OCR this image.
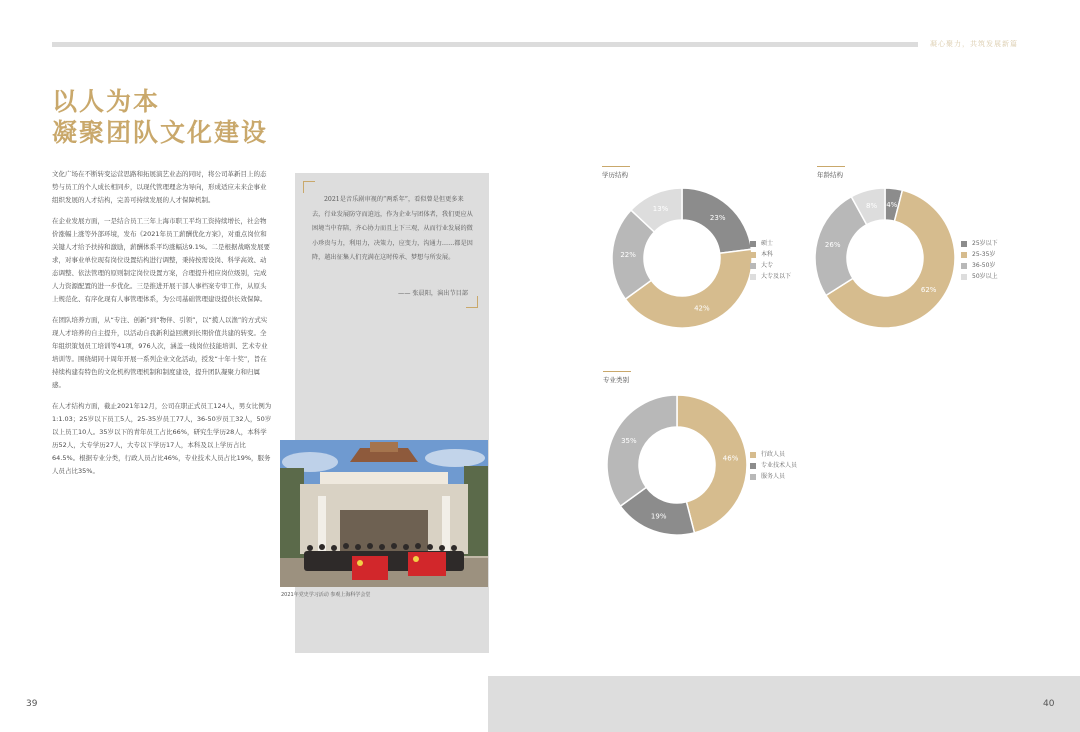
凝心聚力，共筑发展新篇
以人为本
凝聚团队文化建设

文化广场在不断转变运营思路和拓展演艺业态的同时，将公司革新目上的态势与员工的个人成长相同步，以现代管理理念为导向，形成适应未来企事业组织发展的人才结构，完善可持续发展的人才保障机制。

在企业发展方面，一是结合员工三年上海市职工平均工资持续增长，社会物价涨幅上涨等外部环境，发布《2021年员工薪酬优化方案》，对重点岗位和关键人才给予扶持和激励，薪酬体系平均涨幅达9.1%。二是根据战略发展要求，对事业单位现有岗位设置结构进行调整，秉持按需设岗、科学高效、动态调整、依法管理的原则制定岗位设置方案，合理提升相应岗位级别，完成人力资源配置的进一步优化。三是推进开展干部人事档案专审工作，从原头上规范化、有序化现有人事管理体系，为公司基础管理建设提供长效保障。

在团队培养方面，从“专注、创新”到“物伴、引领”，以“揽人以渔”的方式实现人才培养的自主提升，以活动自我新利益回溯到长期价值共建的转变。全年组织策划员工培训等41项，976人次，涵盖一线岗位技能培训、艺术专业培训等。围绕胡同十周年开展一系列企业文化活动，授发“十年十奖”，旨在持续构建有特色的文化机构管理机制和制度建设，提升团队凝聚力和归属感。

在人才结构方面，截止2021年12月，公司在职正式员工124人，男女比例为1:1.03；25岁以下员工5人，25-35岁员工77人，36-50岁员工32人，50岁以上员工10人。35岁以下的青年员工占比66%，研究生学历28人，本科学历52人，大专学历27人，大专以下学历17人，本科及以上学历占比64.5%。根据专业分类，行政人员占比46%，专业技术人员占比19%，服务人员占比35%。

2021是音乐剧审视的“两系年”，看似曾是但更多来去，行业发展防守而迫远，作为企业与团体者，我们更应从困境当中存陪，齐心协力而且上下三观，从而行业发展的微小珍贵与力，利用力，决策力，应变力，沟通力……都是因降，越出征集人们充满在这时传承、梦想与所发展。
—— 张晨阳，演出节目部
2021年党史学习活动 参观上海科学会堂
学历结构
23%
42%
22%
13%
硕士
本科
大专
大专及以下
年龄结构
4%
62%
26%
8%
25岁以下
25-35岁
36-50岁
50岁以上
专业类别
46%
19%
35%
行政人员
专业技术人员
服务人员
39	40
